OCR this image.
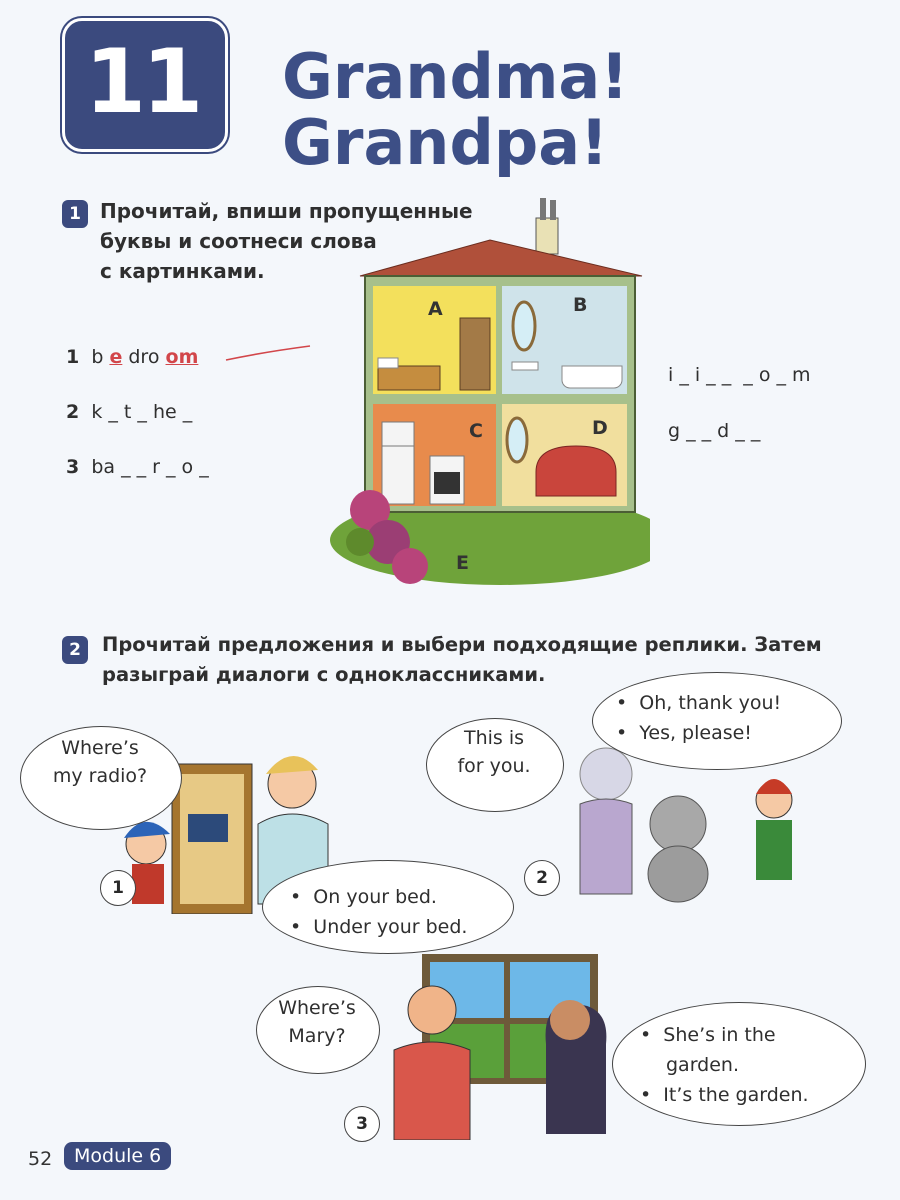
11	Grandma!
Grandpa!
1 Прочитай, впиши пропущенные
буквы и соотнеси слова
с картинками.
1 b e dro om
2 k _ t _ he _
3 ba _ _ r _ o _
i _ i _ _  _ o _ m
g _ _ d _ _
A	B
C	D
E
2	Прочитай предложения и выбери подходящие реплики. Затем
разыграй диалоги с одноклассниками.
Where’s
my radio?
1	•  On your bed.
•  Under your bed.
This is
for you.
2
•  Oh, thank you!
•  Yes, please!
Where’s
Mary?
3
•  She’s in the
garden.
•  It’s the garden.
52	Module 6
